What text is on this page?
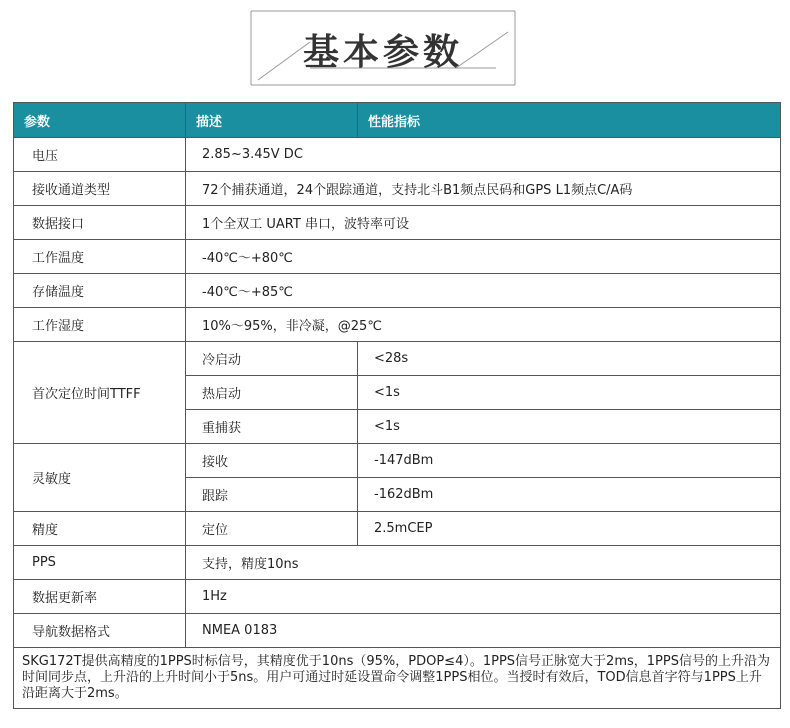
基本参数
参数	描述	性能指标
电压	2.85~3.45V DC	
接收通道类型	72个捕获通道，24个跟踪通道，支持北斗B1频点民码和GPS L1频点C/A码	
数据接口	1个全双工 UART 串口，波特率可设	
工作温度	-40℃～+80℃	
存储温度	-40℃～+85℃	
工作湿度	10%～95%，非冷凝，@25℃	
首次定位时间TTFF	冷启动	<28s
	热启动	<1s
	重捕获	<1s
灵敏度	接收	-147dBm
	跟踪	-162dBm
精度	定位	2.5mCEP
PPS	支持，精度10ns	
数据更新率	1Hz	
导航数据格式	NMEA 0183	
SKG172T提供高精度的1PPS时标信号，其精度优于10ns（95%，PDOP≤4）。1PPS信号正脉宽大于2ms，1PPS信号的上升沿为时间同步点，上升沿的上升时间小于5ns。用户可通过时延设置命令调整1PPS相位。当授时有效后，TOD信息首字符与1PPS上升沿距离大于2ms。		
